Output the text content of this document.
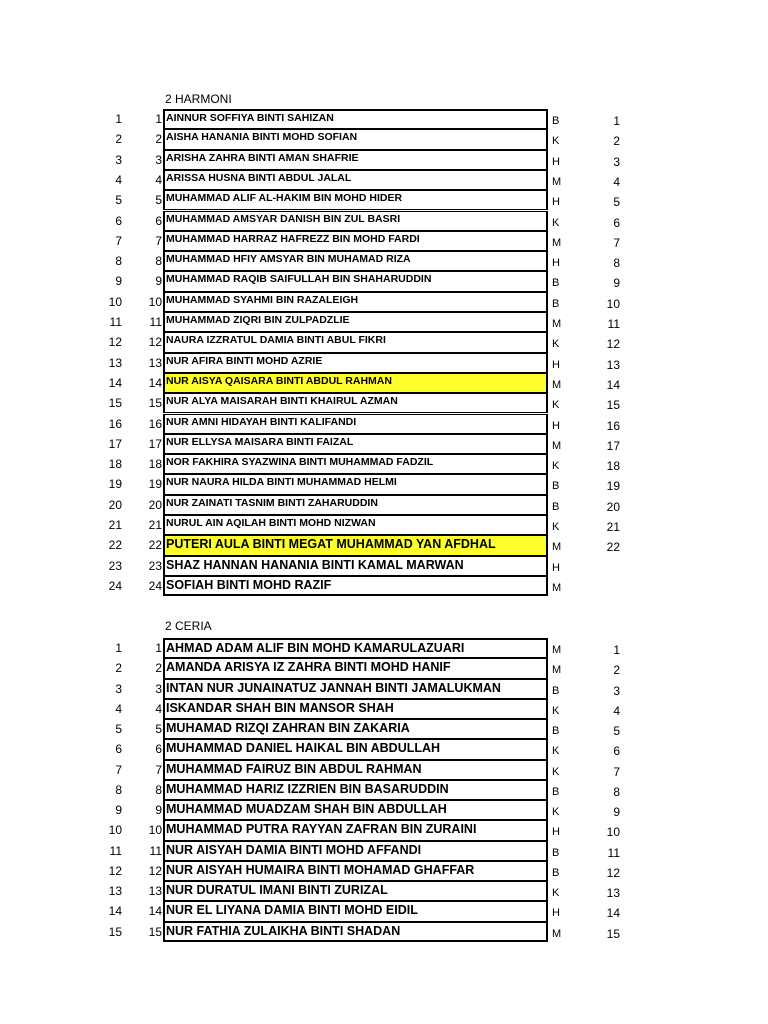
2 HARMONI
1	1 AINNUR SOFFIYA BINTI SAHIZAN	B	1
2	2 AISHA HANANIA BINTI MOHD SOFIAN	K	2
3	3 ARISHA ZAHRA BINTI AMAN SHAFRIE	H	3
4	4 ARISSA HUSNA BINTI ABDUL JALAL	M	4
5	5 MUHAMMAD ALIF AL-HAKIM BIN MOHD HIDER	H	5
6	6 MUHAMMAD AMSYAR DANISH BIN ZUL BASRI	K	6
7	7 MUHAMMAD HARRAZ HAFREZZ BIN MOHD FARDI	M	7
8	8 MUHAMMAD HFIY AMSYAR BIN MUHAMAD RIZA	H	8
9	9 MUHAMMAD RAQIB SAIFULLAH BIN SHAHARUDDIN	B	9
10	10 MUHAMMAD SYAHMI BIN RAZALEIGH	B	10
11	11 MUHAMMAD ZIQRI BIN ZULPADZLIE	M	11
12	12 NAURA IZZRATUL DAMIA BINTI ABUL FIKRI	K	12
13	13 NUR AFIRA BINTI MOHD AZRIE	H	13
14	14 NUR AISYA QAISARA BINTI ABDUL RAHMAN	M	14
15	15 NUR ALYA MAISARAH BINTI KHAIRUL AZMAN	K	15
16	16 NUR AMNI HIDAYAH BINTI KALIFANDI	H	16
17	17 NUR ELLYSA MAISARA BINTI FAIZAL	M	17
18	18 NOR FAKHIRA SYAZWINA BINTI MUHAMMAD FADZIL	K	18
19	19 NUR NAURA HILDA BINTI MUHAMMAD HELMI	B	19
20	20 NUR ZAINATI TASNIM BINTI ZAHARUDDIN	B	20
21	21 NURUL AIN AQILAH BINTI MOHD NIZWAN	K	21
22	22 PUTERI AULA BINTI MEGAT MUHAMMAD YAN AFDHAL	M	22
23	23 SHAZ HANNAN HANANIA BINTI KAMAL MARWAN	H
24	24 SOFIAH BINTI MOHD RAZIF	M
2 CERIA
1	1 AHMAD ADAM ALIF BIN MOHD KAMARULAZUARI	M	1
2	2 AMANDA ARISYA IZ ZAHRA BINTI MOHD HANIF	M	2
3	3 INTAN NUR JUNAINATUZ JANNAH BINTI JAMALUKMAN	B	3
4	4 ISKANDAR SHAH BIN MANSOR SHAH	K	4
5	5 MUHAMAD RIZQI ZAHRAN BIN ZAKARIA	B	5
6	6 MUHAMMAD DANIEL HAIKAL BIN ABDULLAH	K	6
7	7 MUHAMMAD FAIRUZ BIN ABDUL RAHMAN	K	7
8	8 MUHAMMAD HARIZ IZZRIEN BIN BASARUDDIN	B	8
9	9 MUHAMMAD MUADZAM SHAH BIN ABDULLAH	K	9
10	10 MUHAMMAD PUTRA RAYYAN ZAFRAN BIN ZURAINI	H	10
11	11 NUR AISYAH DAMIA BINTI MOHD AFFANDI	B	11
12	12 NUR AISYAH HUMAIRA BINTI MOHAMAD GHAFFAR	B	12
13	13 NUR DURATUL IMANI BINTI ZURIZAL	K	13
14	14 NUR EL LIYANA DAMIA BINTI MOHD EIDIL	H	14
15	15 NUR FATHIA ZULAIKHA BINTI SHADAN	M	15
